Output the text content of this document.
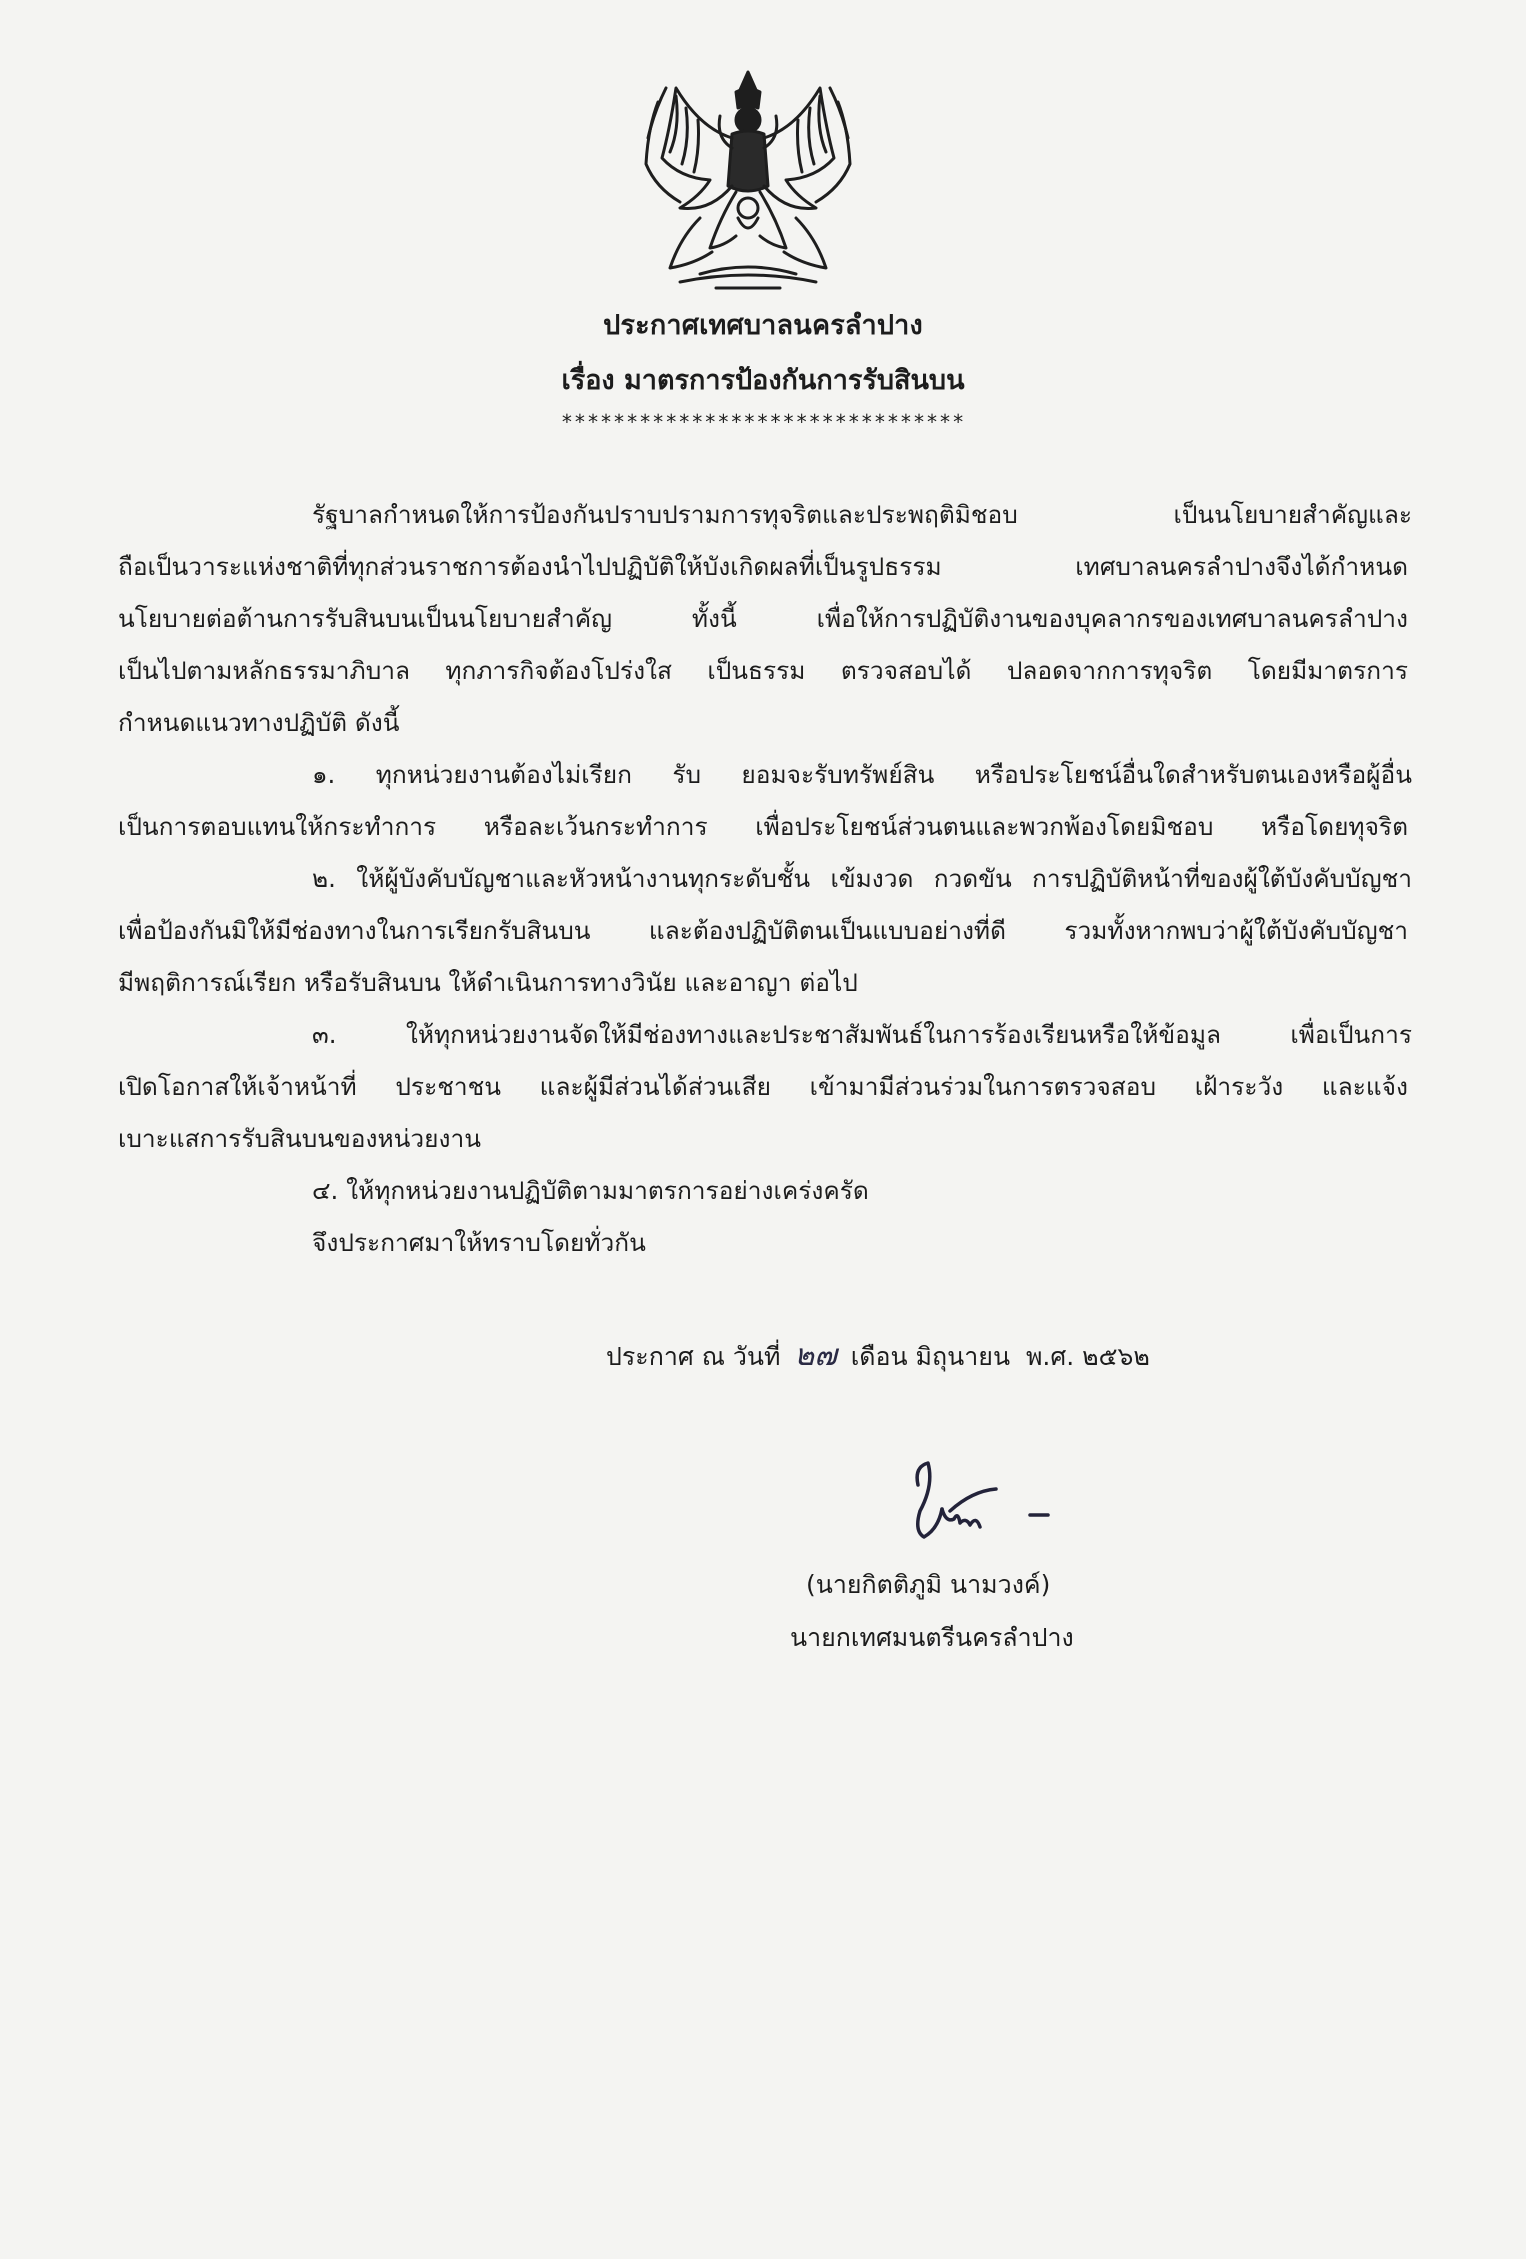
ประกาศเทศบาลนครลำปาง
เรื่อง มาตรการป้องกันการรับสินบน
*******************************
รัฐบาลกำหนดให้การป้องกันปราบปรามการทุจริตและประพฤติมิชอบ เป็นนโยบายสำคัญและ
ถือเป็นวาระแห่งชาติที่ทุกส่วนราชการต้องนำไปปฏิบัติให้บังเกิดผลที่เป็นรูปธรรม เทศบาลนครลำปางจึงได้กำหนด
นโยบายต่อต้านการรับสินบนเป็นนโยบายสำคัญ ทั้งนี้ เพื่อให้การปฏิบัติงานของบุคลากรของเทศบาลนครลำปาง
เป็นไปตามหลักธรรมาภิบาล ทุกภารกิจต้องโปร่งใส เป็นธรรม ตรวจสอบได้ ปลอดจากการทุจริต โดยมีมาตรการ
กำหนดแนวทางปฏิบัติ ดังนี้
๑. ทุกหน่วยงานต้องไม่เรียก รับ ยอมจะรับทรัพย์สิน หรือประโยชน์อื่นใดสำหรับตนเองหรือผู้อื่น
เป็นการตอบแทนให้กระทำการ หรือละเว้นกระทำการ เพื่อประโยชน์ส่วนตนและพวกพ้องโดยมิชอบ หรือโดยทุจริต
๒. ให้ผู้บังคับบัญชาและหัวหน้างานทุกระดับชั้น เข้มงวด กวดขัน การปฏิบัติหน้าที่ของผู้ใต้บังคับบัญชา
เพื่อป้องกันมิให้มีช่องทางในการเรียกรับสินบน และต้องปฏิบัติตนเป็นแบบอย่างที่ดี รวมทั้งหากพบว่าผู้ใต้บังคับบัญชา
มีพฤติการณ์เรียก หรือรับสินบน ให้ดำเนินการทางวินัย และอาญา ต่อไป
๓. ให้ทุกหน่วยงานจัดให้มีช่องทางและประชาสัมพันธ์ในการร้องเรียนหรือให้ข้อมูล เพื่อเป็นการ
เปิดโอกาสให้เจ้าหน้าที่ ประชาชน และผู้มีส่วนได้ส่วนเสีย เข้ามามีส่วนร่วมในการตรวจสอบ เฝ้าระวัง และแจ้ง
เบาะแสการรับสินบนของหน่วยงาน
๔. ให้ทุกหน่วยงานปฏิบัติตามมาตรการอย่างเคร่งครัด
จึงประกาศมาให้ทราบโดยทั่วกัน
ประกาศ ณ วันที่ ๒๗ เดือน มิถุนายน พ.ศ. ๒๕๖๒
(นายกิตติภูมิ นามวงค์)
นายกเทศมนตรีนครลำปาง
